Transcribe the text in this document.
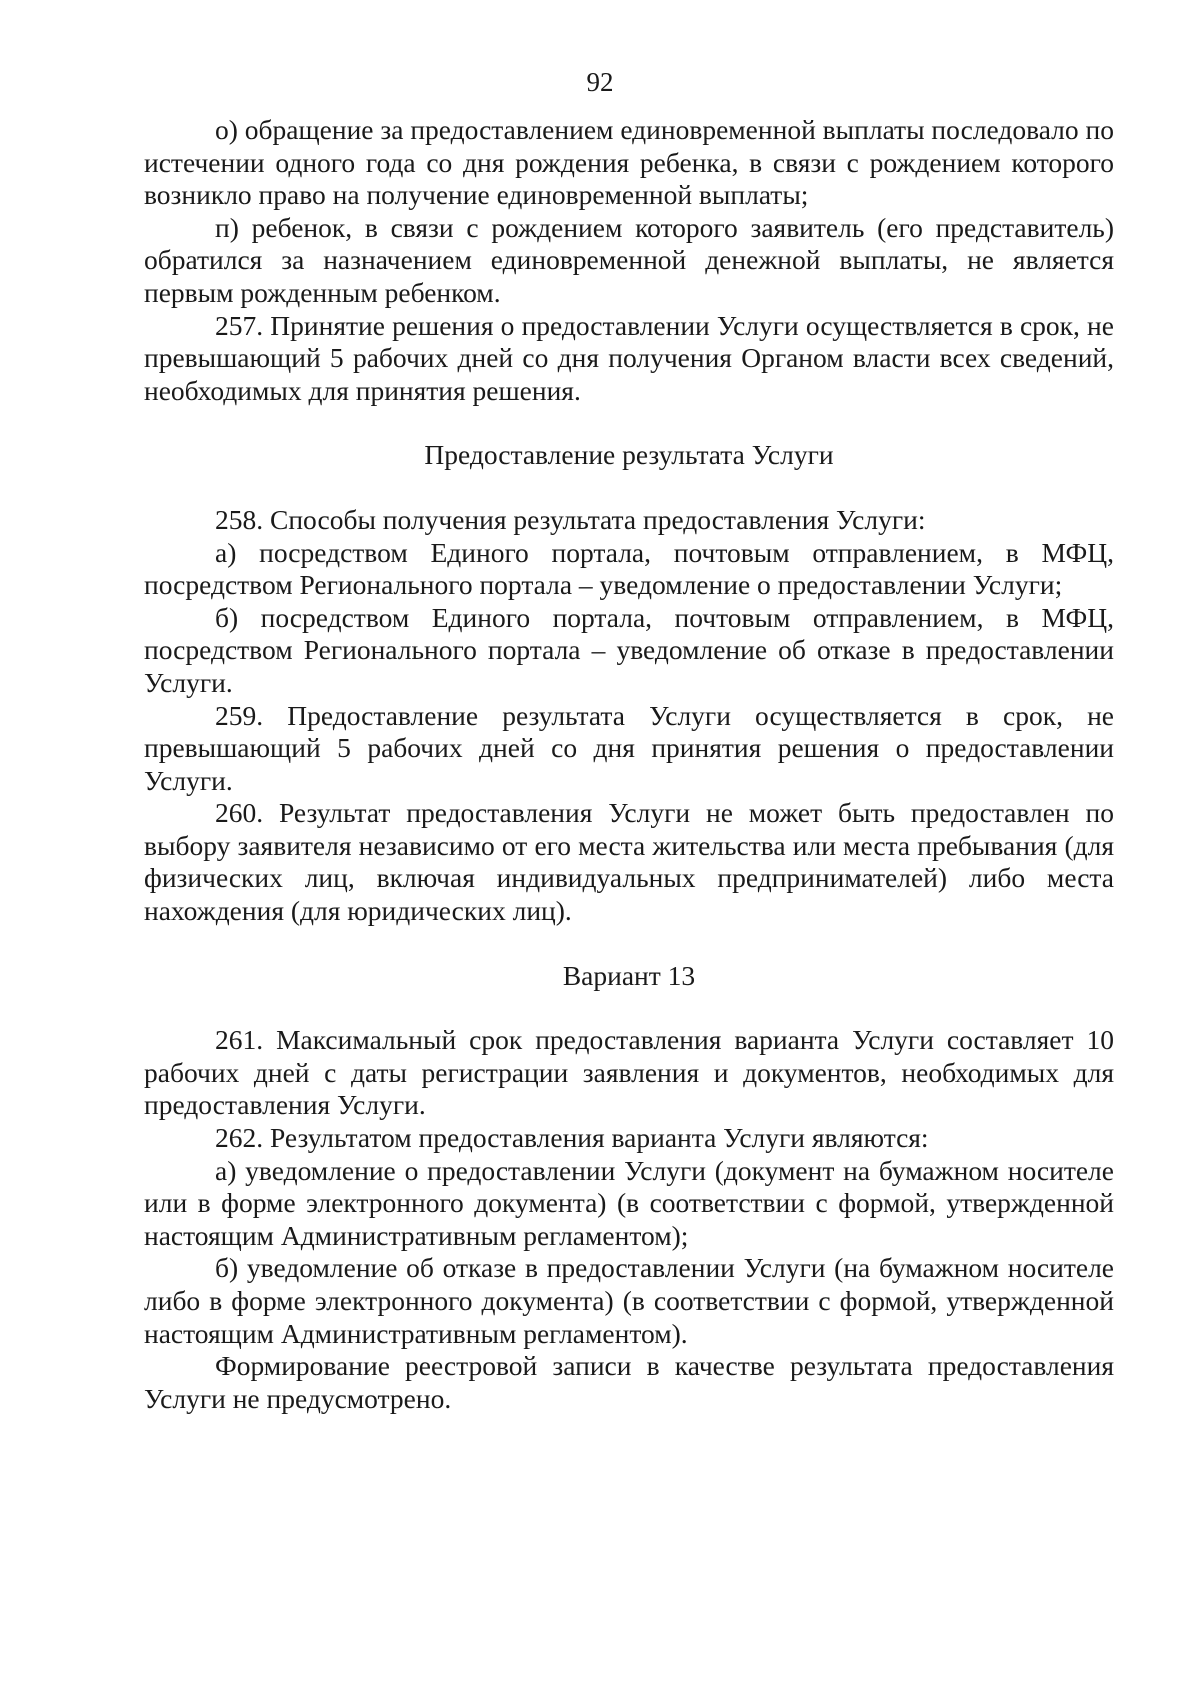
92

о) обращение за предоставлением единовременной выплаты последовало по истечении одного года со дня рождения ребенка, в связи с рождением которого возникло право на получение единовременной выплаты;

п) ребенок, в связи с рождением которого заявитель (его представитель) обратился за назначением единовременной денежной выплаты, не является первым рожденным ребенком.

257. Принятие решения о предоставлении Услуги осуществляется в срок, не превышающий 5 рабочих дней со дня получения Органом власти всех сведений, необходимых для принятия решения.

Предоставление результата Услуги

258. Способы получения результата предоставления Услуги:

а) посредством Единого портала, почтовым отправлением, в МФЦ, посредством Регионального портала – уведомление о предоставлении Услуги;

б) посредством Единого портала, почтовым отправлением, в МФЦ, посредством Регионального портала – уведомление об отказе в предоставлении Услуги.

259. Предоставление результата Услуги осуществляется в срок, не превышающий 5 рабочих дней со дня принятия решения о предоставлении Услуги.

260. Результат предоставления Услуги не может быть предоставлен по выбору заявителя независимо от его места жительства или места пребывания (для физических лиц, включая индивидуальных предпринимателей) либо места нахождения (для юридических лиц).

Вариант 13

261. Максимальный срок предоставления варианта Услуги составляет 10 рабочих дней с даты регистрации заявления и документов, необходимых для предоставления Услуги.

262. Результатом предоставления варианта Услуги являются:

а) уведомление о предоставлении Услуги (документ на бумажном носителе или в форме электронного документа) (в соответствии с формой, утвержденной настоящим Административным регламентом);

б) уведомление об отказе в предоставлении Услуги (на бумажном носителе либо в форме электронного документа) (в соответствии с формой, утвержденной настоящим Административным регламентом).

Формирование реестровой записи в качестве результата предоставления Услуги не предусмотрено.
